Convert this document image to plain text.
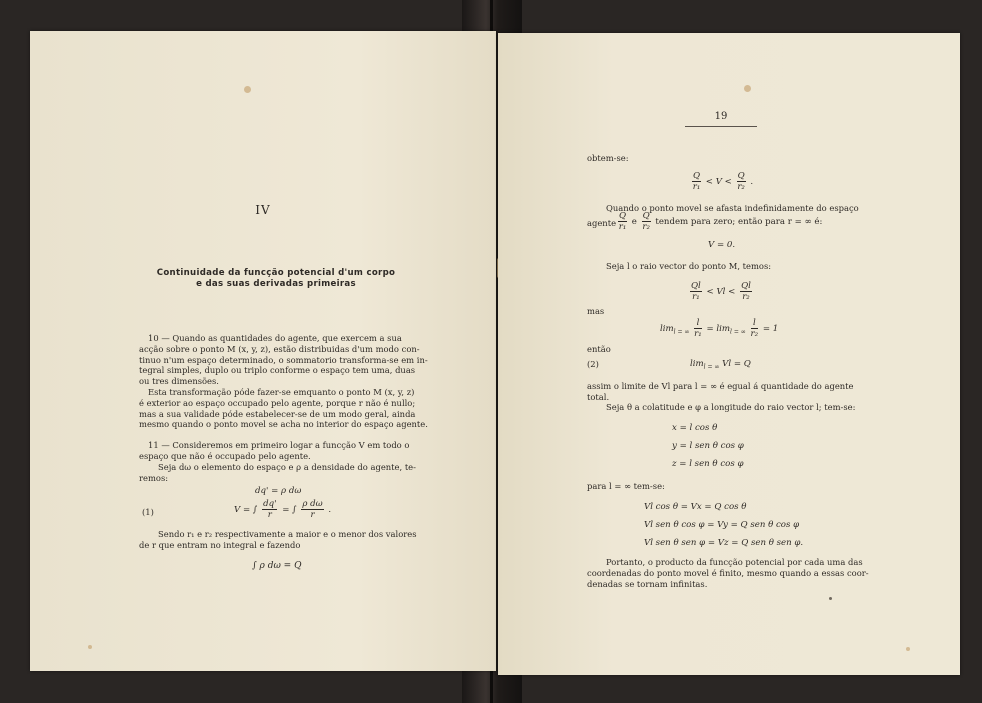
IV
Continuidade da funcção potencial d'um corpo
e das suas derivadas primeiras
10 — Quando as quantidades do agente, que exercem a sua
acção sobre o ponto M (x, y, z), estão distribuidas d'um modo con-
tinuo n'um espaço determinado, o sommatorio transforma-se em in-
tegral simples, duplo ou triplo conforme o espaço tem uma, duas
ou tres dimensões.
Esta transformação póde fazer-se emquanto o ponto M (x, y, z)
é exterior ao espaço occupado pelo agente, porque r não é nullo;
mas a sua validade póde estabelecer-se de um modo geral, ainda
mesmo quando o ponto movel se acha no interior do espaço agente.
11 — Consideremos em primeiro logar a funcção V em todo o
espaço que não é occupado pelo agente.
Seja dω o elemento do espaço e ρ a densidade do agente, te-
remos:
dq' = ρ dω
(1)	V = ∫ $\frac{dq'}{r}$ = ∫ $\frac{\text{ρ dω}}{r}$ .
Sendo r₁ e r₂ respectivamente a maior e o menor dos valores
de r que entram no integral e fazendo
∫ ρ dω = Q
19
obtem-se:
$\frac{Q}{\text{r₁}} < V < \frac{Q}{\text{r₂}}$ .
Quando o ponto movel se afasta indefinidamente do espaço
agente $\frac{Q}{\text{r₁}}$ e $\frac{Q}{\text{r₂}}$ tendem para zero; então para r = ∞ é:
V = 0.
Seja l o raio vector do ponto M, temos:
$\frac{Ql}{\text{r₁}} < Vl < \frac{Ql}{\text{r₂}}$
mas
$\lim_{l = \infty} \frac{l}{\text{r₁}} = \lim_{l = \infty} \frac{l}{\text{r₂}} = 1$
então
(2)	$\lim_{l = \infty} Vl = Q$
assim o limite de Vl para l = ∞ é egual á quantidade do agente
total.
Seja θ a colatitude e φ a longitude do raio vector l; tem-se:
x = l cos θ
y = l sen θ cos φ
z = l sen θ cos φ
para l = ∞ tem-se:
Vl cos θ = Vx = Q cos θ
Vl sen θ cos φ = Vy = Q sen θ cos φ
Vl sen θ sen φ = Vz = Q sen θ sen φ.
Portanto, o producto da funcção potencial por cada uma das
coordenadas do ponto movel é finito, mesmo quando a essas coor-
denadas se tornam infinitas.
